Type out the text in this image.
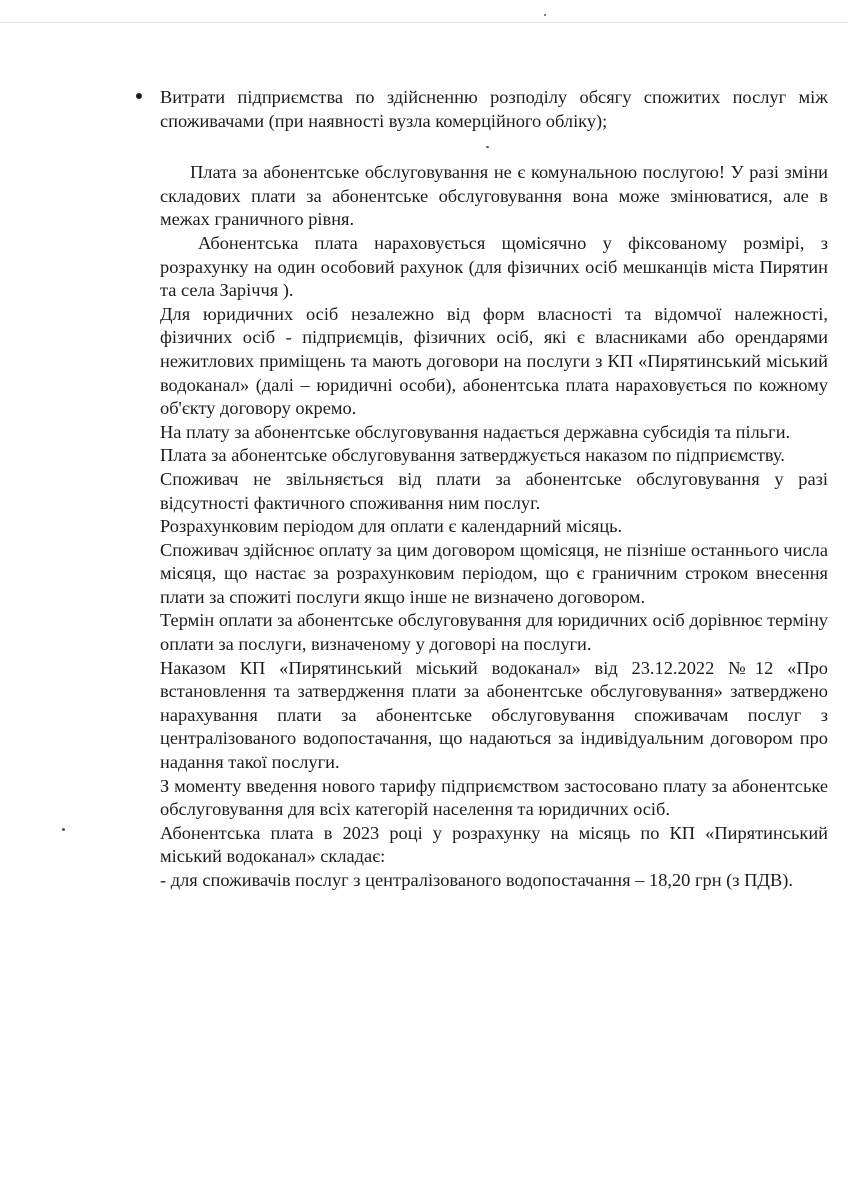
Витрати підприємства по здійсненню розподілу обсягу спожитих послуг між споживачами (при наявності вузла комерційного обліку);

Плата за абонентське обслуговування не є комунальною послугою! У разі зміни складових плати за абонентське обслуговування вона може змінюватися, але в межах граничного рівня.

Абонентська плата нараховується щомісячно у фіксованому розмірі, з розрахунку на один особовий рахунок (для фізичних осіб мешканців міста Пирятин та села Заріччя ).

Для юридичних осіб незалежно від форм власності та відомчої належності, фізичних осіб - підприємців, фізичних осіб, які є власниками або орендарями нежитлових приміщень та мають договори на послуги з КП «Пирятинський міський водоканал» (далі – юридичні особи), абонентська плата нараховується по кожному об'єкту договору окремо.

На плату за абонентське обслуговування надається державна субсидія та пільги.

Плата за абонентське обслуговування затверджується наказом по підприємству.

Споживач не звільняється від плати за абонентське обслуговування у разі відсутності фактичного споживання ним послуг.

Розрахунковим періодом для оплати є календарний місяць.

Споживач здійснює оплату за цим договором щомісяця, не пізніше останнього числа місяця, що настає за розрахунковим періодом, що є граничним строком внесення плати за спожиті послуги якщо інше не визначено договором.

Термін оплати за абонентське обслуговування для юридичних осіб дорівнює терміну оплати за послуги, визначеному у договорі на послуги.

Наказом КП «Пирятинський міський водоканал» від 23.12.2022 №12 «Про встановлення та затвердження плати за абонентське обслуговування» затверджено нарахування плати за абонентське обслуговування споживачам послуг з централізованого водопостачання, що надаються за індивідуальним договором про надання такої послуги.

З моменту введення нового тарифу підприємством застосовано плату за абонентське обслуговування для всіх категорій населення та юридичних осіб.

Абонентська плата в 2023 році у розрахунку на місяць по КП «Пирятинський міський водоканал» складає:

- для споживачів послуг з централізованого водопостачання – 18,20 грн (з ПДВ).
